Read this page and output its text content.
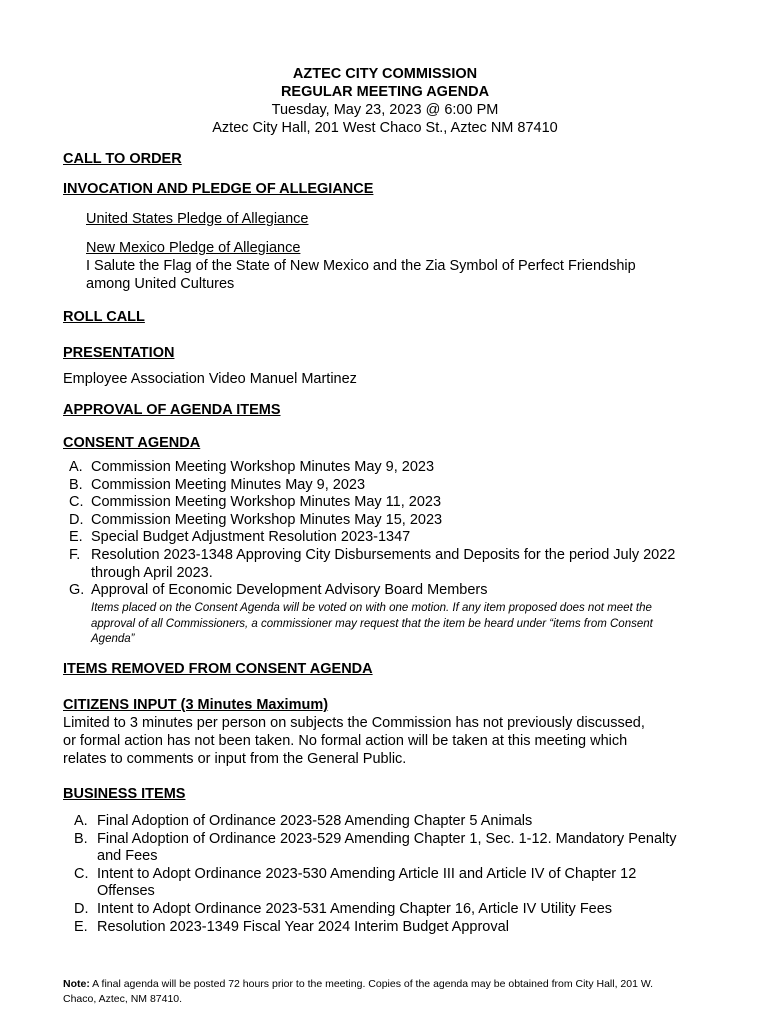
AZTEC CITY COMMISSION
REGULAR MEETING AGENDA
Tuesday, May 23, 2023 @ 6:00 PM
Aztec City Hall, 201 West Chaco St., Aztec NM 87410
CALL TO ORDER
INVOCATION AND PLEDGE OF ALLEGIANCE
United States Pledge of Allegiance
New Mexico Pledge of Allegiance
I Salute the Flag of the State of New Mexico and the Zia Symbol of Perfect Friendship
among United Cultures
ROLL CALL
PRESENTATION
Employee Association Video Manuel Martinez
APPROVAL OF AGENDA ITEMS
CONSENT AGENDA
A. Commission Meeting Workshop Minutes May 9, 2023
B. Commission Meeting Minutes May 9, 2023
C. Commission Meeting Workshop Minutes May 11, 2023
D. Commission Meeting Workshop Minutes May 15, 2023
E. Special Budget Adjustment Resolution 2023-1347
F. Resolution 2023-1348 Approving City Disbursements and Deposits for the period July 2022
through April 2023.
G. Approval of Economic Development Advisory Board Members
Items placed on the Consent Agenda will be voted on with one motion. If any item proposed does not meet the
approval of all Commissioners, a commissioner may request that the item be heard under “items from Consent
Agenda”
ITEMS REMOVED FROM CONSENT AGENDA
CITIZENS INPUT (3 Minutes Maximum)
Limited to 3 minutes per person on subjects the Commission has not previously discussed,
or formal action has not been taken. No formal action will be taken at this meeting which
relates to comments or input from the General Public.
BUSINESS ITEMS
A. Final Adoption of Ordinance 2023-528 Amending Chapter 5 Animals
B. Final Adoption of Ordinance 2023-529 Amending Chapter 1, Sec. 1-12. Mandatory Penalty
and Fees
C. Intent to Adopt Ordinance 2023-530 Amending Article III and Article IV of Chapter 12
Offenses
D. Intent to Adopt Ordinance 2023-531 Amending Chapter 16, Article IV Utility Fees
E. Resolution 2023-1349 Fiscal Year 2024 Interim Budget Approval
Note: A final agenda will be posted 72 hours prior to the meeting. Copies of the agenda may be obtained from City Hall, 201 W.
Chaco, Aztec, NM 87410.
